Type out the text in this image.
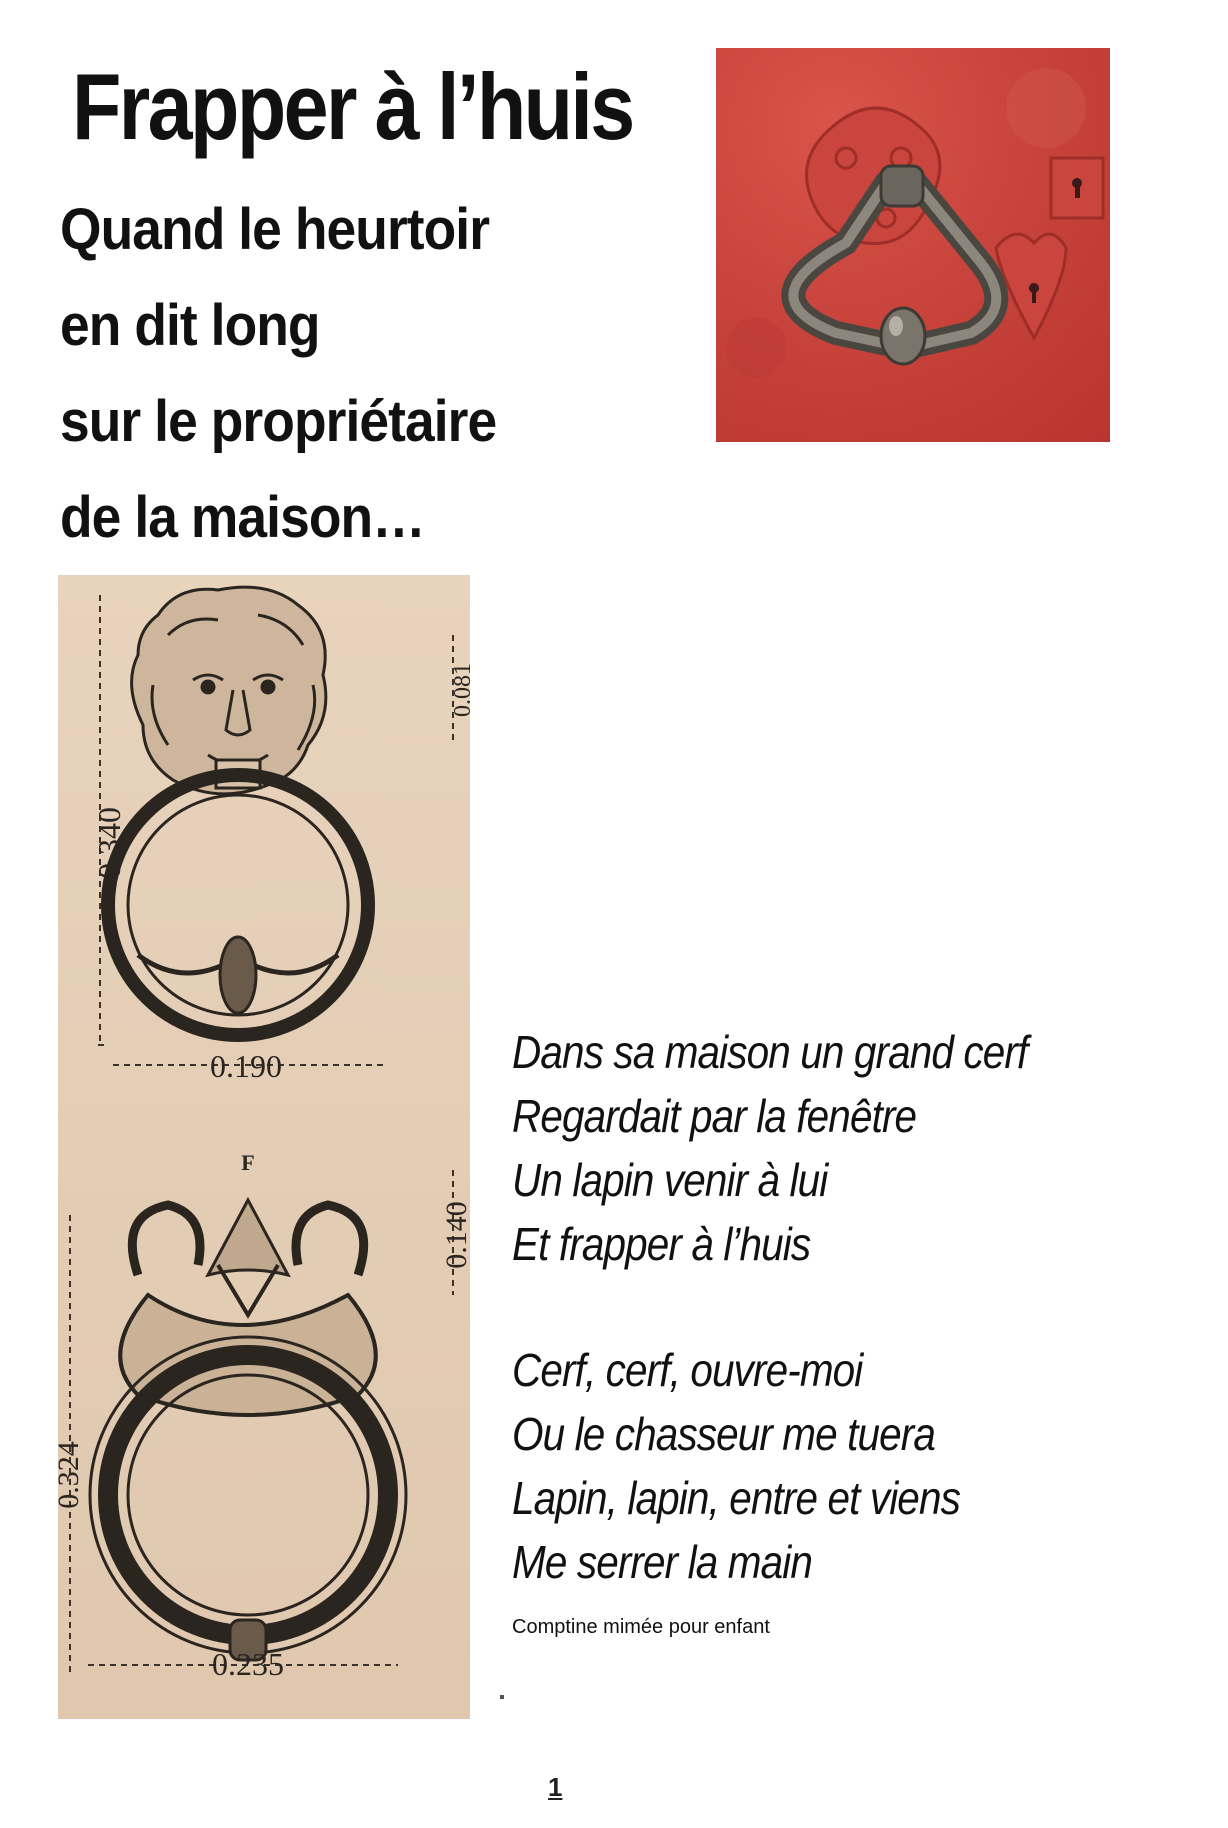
Frapper à l’huis
Quand le heurtoir
en dit long
sur le propriétaire
de la maison…
0.340
0.081
0.190
F
0.324
0.140
0.235
Dans sa maison un grand cerf
Regardait par la fenêtre
Un lapin venir à lui
Et frapper à l’huis
Cerf, cerf, ouvre-moi
Ou le chasseur me tuera
Lapin, lapin, entre et viens
Me serrer la main
Comptine mimée pour enfant
1
